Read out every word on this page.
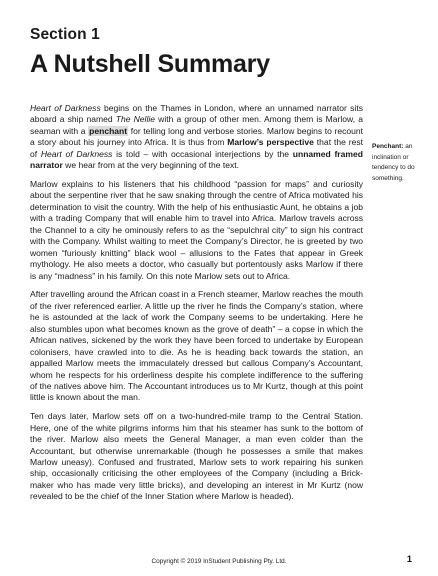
Section 1
A Nutshell Summary

Heart of Darkness begins on the Thames in London, where an unnamed narrator sits aboard a ship named The Nellie with a group of other men. Among them is Marlow, a seaman with a penchant for telling long and verbose stories. Marlow begins to recount a story about his journey into Africa. It is thus from Marlow’s perspective that the rest of Heart of Darkness is told – with occasional interjections by the unnamed framed narrator we hear from at the very beginning of the text.

Marlow explains to his listeners that his childhood “passion for maps” and curiosity about the serpentine river that he saw snaking through the centre of Africa motivated his determination to visit the country. With the help of his enthusiastic Aunt, he obtains a job with a trading Company that will enable him to travel into Africa. Marlow travels across the Channel to a city he ominously refers to as the “sepulchral city” to sign his contract with the Company. Whilst waiting to meet the Company’s Director, he is greeted by two women “furiously knitting” black wool – allusions to the Fates that appear in Greek mythology. He also meets a doctor, who casually but portentously asks Marlow if there is any “madness” in his family. On this note Marlow sets out to Africa.

After travelling around the African coast in a French steamer, Marlow reaches the mouth of the river referenced earlier. A little up the river he finds the Company’s station, where he is astounded at the lack of work the Company seems to be undertaking. Here he also stumbles upon what becomes known as the grove of death” – a copse in which the African natives, sickened by the work they have been forced to undertake by European colonisers, have crawled into to die. As he is heading back towards the station, an appalled Marlow meets the immaculately dressed but callous Company’s Accountant, whom he respects for his orderliness despite his complete indifference to the suffering of the natives above him. The Accountant introduces us to Mr Kurtz, though at this point little is known about the man.

Ten days later, Marlow sets off on a two-hundred-mile tramp to the Central Station. Here, one of the white pilgrims informs him that his steamer has sunk to the bottom of the river. Marlow also meets the General Manager, a man even colder than the Accountant, but otherwise unremarkable (though he possesses a smile that makes Marlow uneasy). Confused and frustrated, Marlow sets to work repairing his sunken ship, occasionally criticising the other employees of the Company (including a Brick-maker who has made very little bricks), and developing an interest in Mr Kurtz (now revealed to be the chief of the Inner Station where Marlow is headed).

Penchant: an inclination or tendency to do something.
Copyright © 2019 InStudent Publishing Pty. Ltd.	1
